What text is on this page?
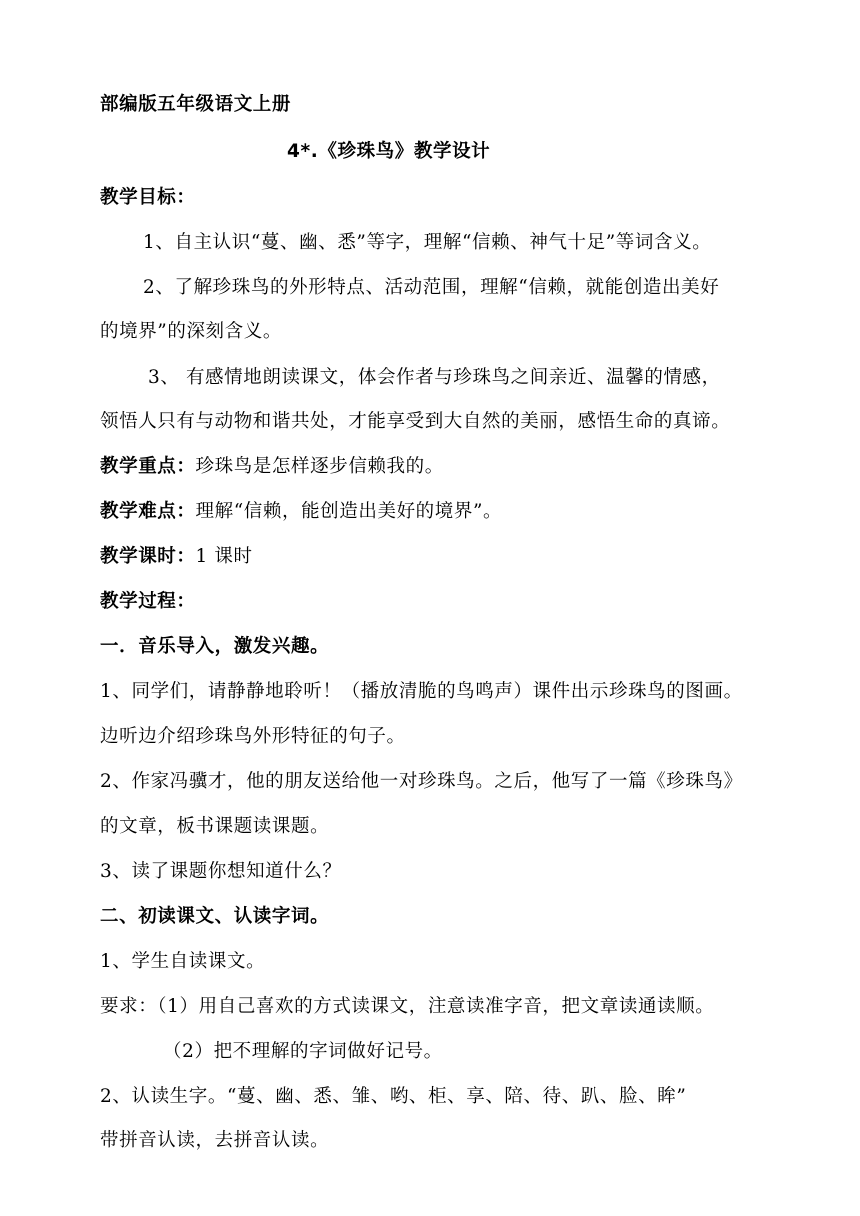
部编版五年级语文上册
4*.《珍珠鸟》教学设计
教学目标：
1、自主认识“蔓、幽、悉”等字，理解“信赖、神气十足”等词含义。
2、了解珍珠鸟的外形特点、活动范围，理解“信赖，就能创造出美好
的境界”的深刻含义。
3、 有感情地朗读课文，体会作者与珍珠鸟之间亲近、温馨的情感，
领悟人只有与动物和谐共处，才能享受到大自然的美丽，感悟生命的真谛。
教学重点：珍珠鸟是怎样逐步信赖我的。
教学难点：理解“信赖，能创造出美好的境界”。
教学课时：1 课时
教学过程：
一．音乐导入，激发兴趣。
1、同学们，请静静地聆听！（播放清脆的鸟鸣声）课件出示珍珠鸟的图画。
边听边介绍珍珠鸟外形特征的句子。
2、作家冯骥才，他的朋友送给他一对珍珠鸟。之后，他写了一篇《珍珠鸟》
的文章，板书课题读课题。
3、读了课题你想知道什么？
二、初读课文、认读字词。
1、学生自读课文。
要求：（1）用自己喜欢的方式读课文，注意读准字音，把文章读通读顺。
（2）把不理解的字词做好记号。
2、认读生字。“蔓、幽、悉、雏、哟、柜、享、陪、待、趴、脸、眸”
带拼音认读，去拼音认读。
